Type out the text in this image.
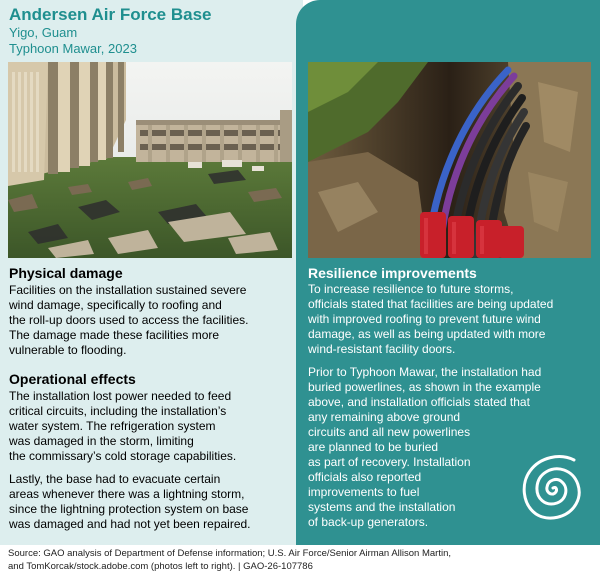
Andersen Air Force Base
Yigo, Guam
Typhoon Mawar, 2023
Physical damage
Facilities on the installation sustained severe
wind damage, specifically to roofing and
the roll-up doors used to access the facilities.
The damage made these facilities more
vulnerable to flooding.
Operational effects
The installation lost power needed to feed
critical circuits, including the installation’s
water system. The refrigeration system
was damaged in the storm, limiting
the commissary’s cold storage capabilities.
Lastly, the base had to evacuate certain
areas whenever there was a lightning storm,
since the lightning protection system on base
was damaged and had not yet been repaired.
Resilience improvements
To increase resilience to future storms,
officials stated that facilities are being updated
with improved roofing to prevent future wind
damage, as well as being updated with more
wind-resistant facility doors.
Prior to Typhoon Mawar, the installation had
buried powerlines, as shown in the example
above, and installation officials stated that
any remaining above ground
circuits and all new powerlines
are planned to be buried
as part of recovery. Installation
officials also reported
improvements to fuel
systems and the installation
of back-up generators.
Source: GAO analysis of Department of Defense information; U.S. Air Force/Senior Airman Allison Martin,
and TomKorcak/stock.adobe.com (photos left to right). | GAO-26-107786
